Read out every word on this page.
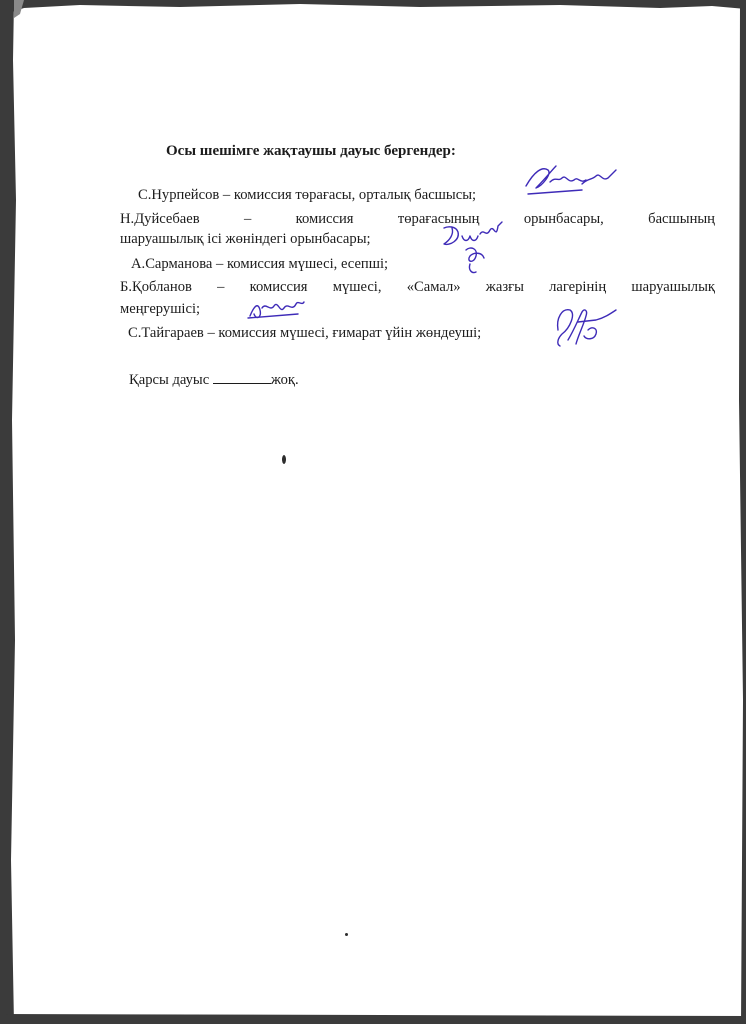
Осы шешімге жақтаушы дауыс бергендер:

С.Нурпейсов – комиссия төрағасы, орталық басшысы;

Н.Дуйсебаев – комиссия төрағасының орынбасары, басшының

шаруашылық ісі жөніндегі орынбасары;

А.Сарманова – комиссия мүшесі, есепші;

Б.Қобланов – комиссия мүшесі, «Самал» жазғы лагерінің шаруашылық

меңгерушісі;

С.Тайгараев – комиссия мүшесі, ғимарат үйін жөндеуші;

Қарсы дауыс	жоқ.
